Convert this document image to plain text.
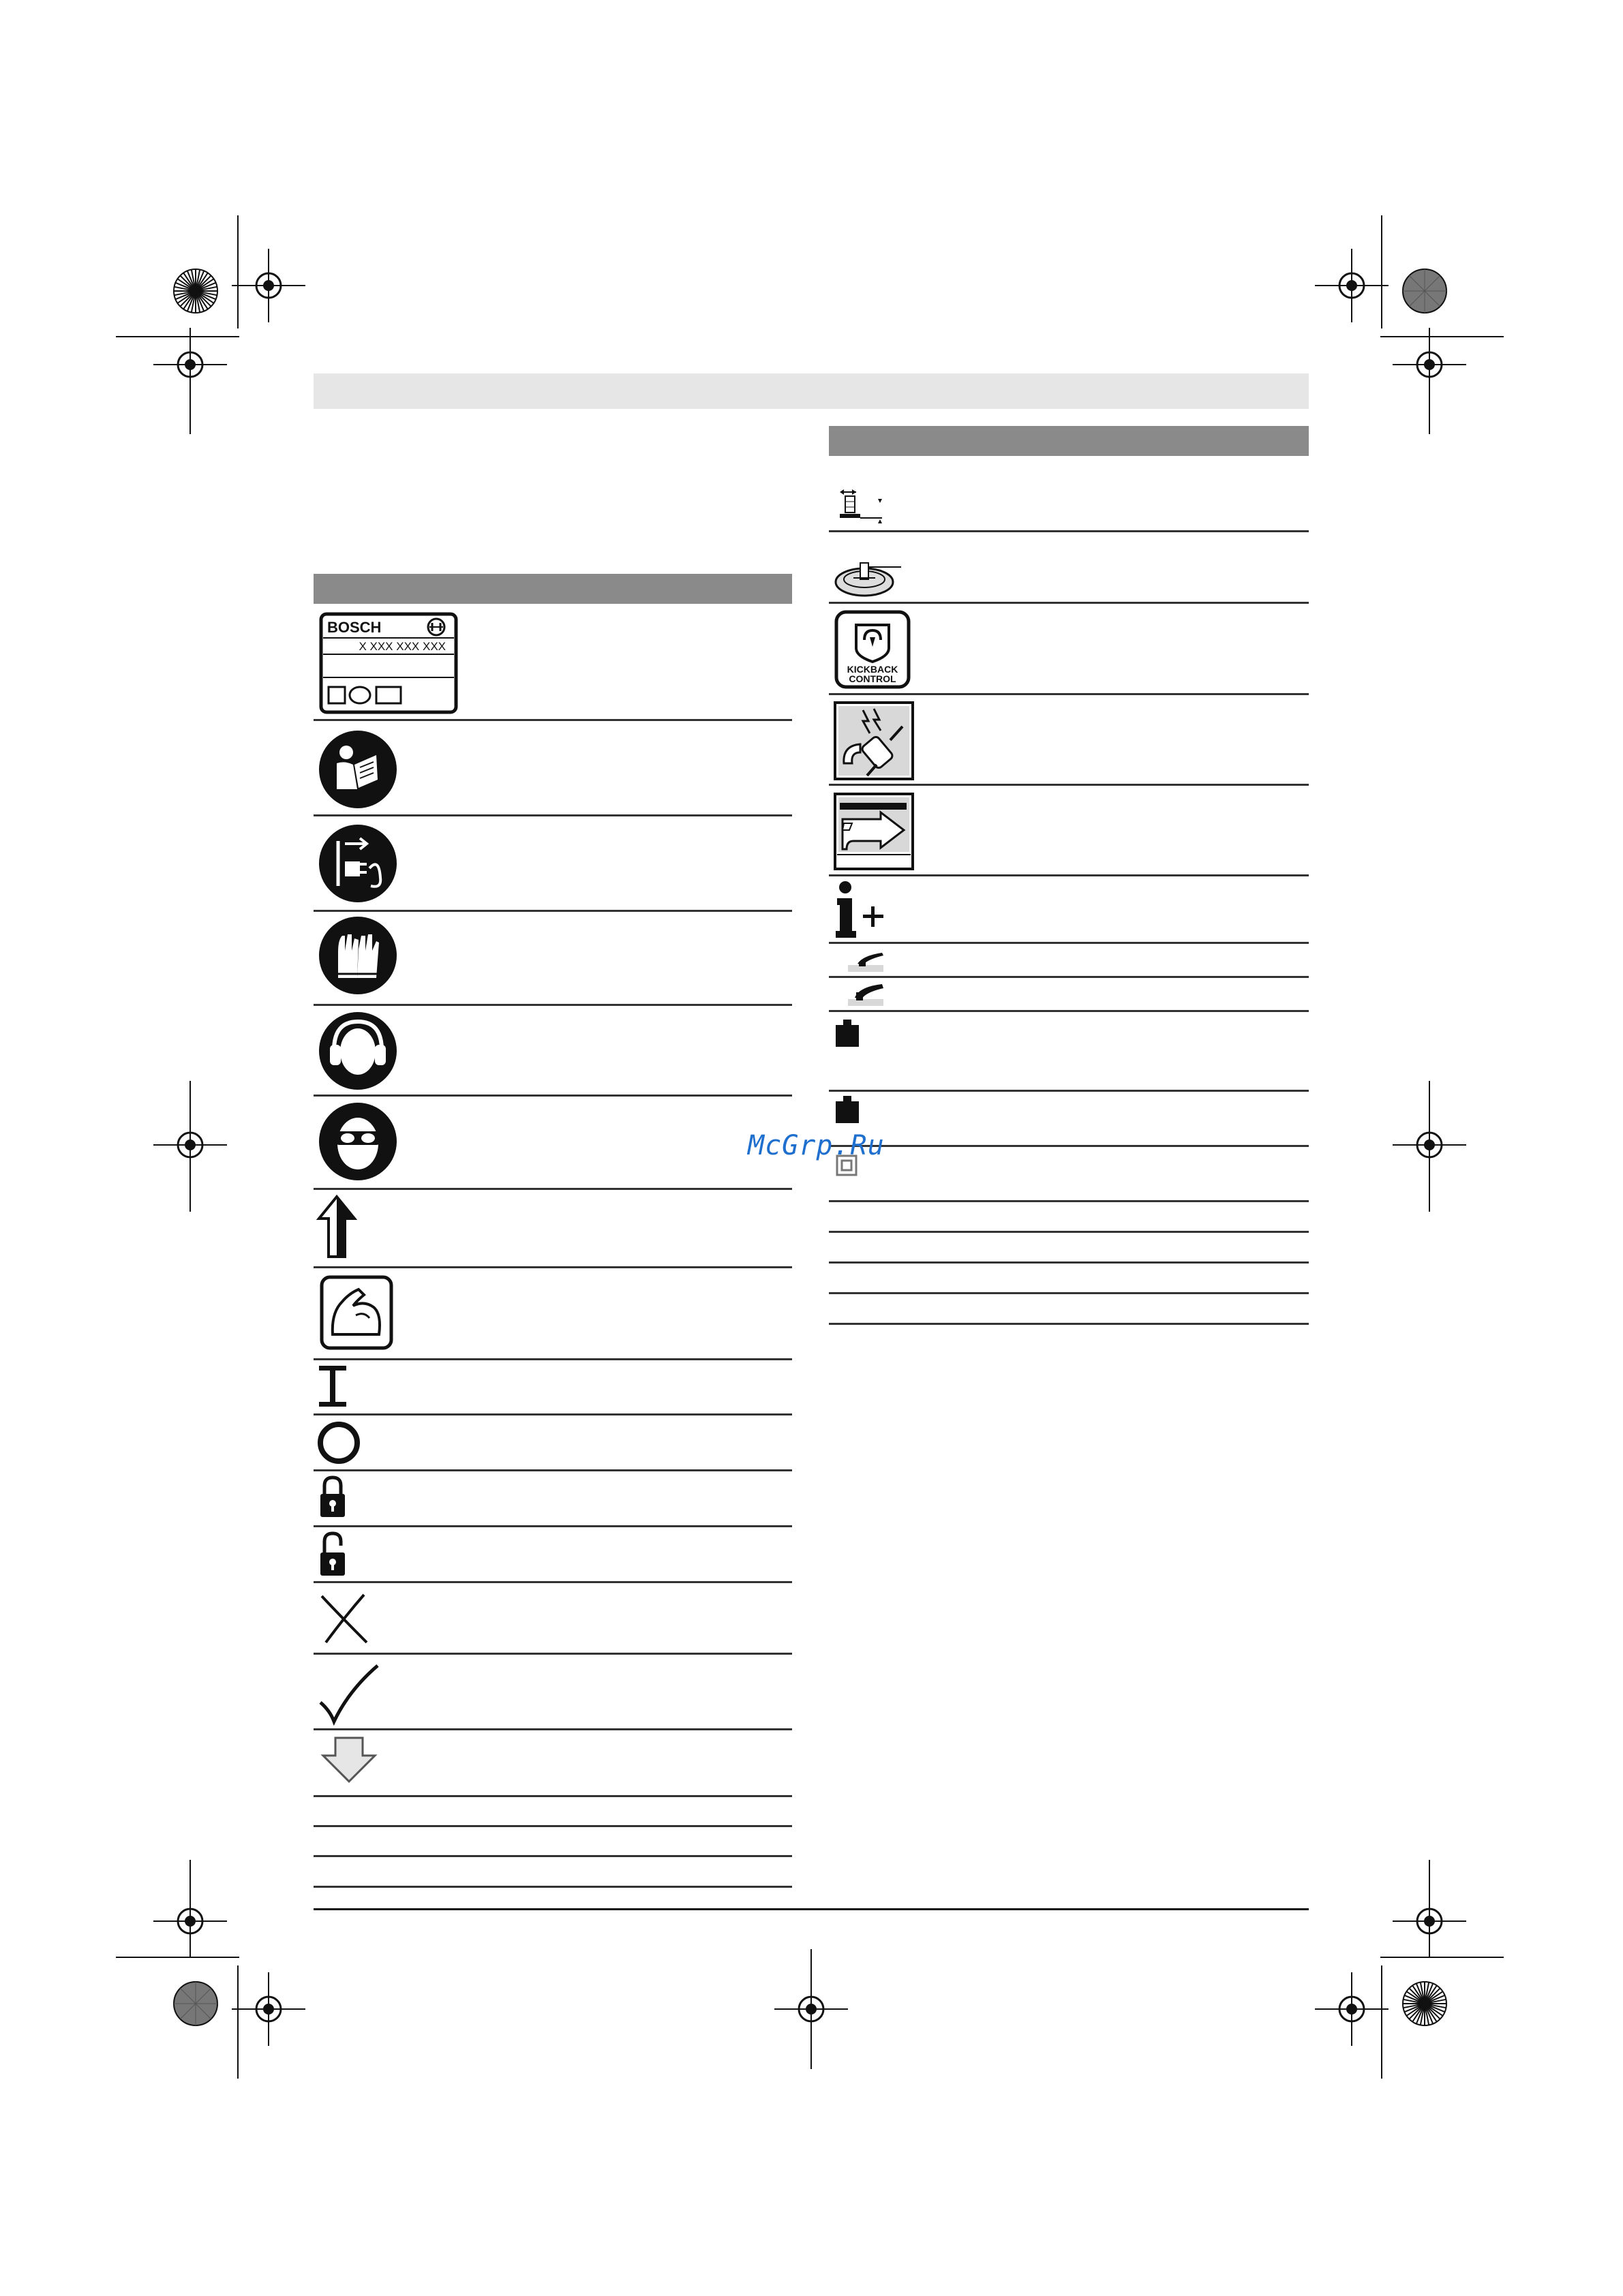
BOSCH
X XXX XXX XXX
KICKBACK
CONTROL
McGrp.Ru
